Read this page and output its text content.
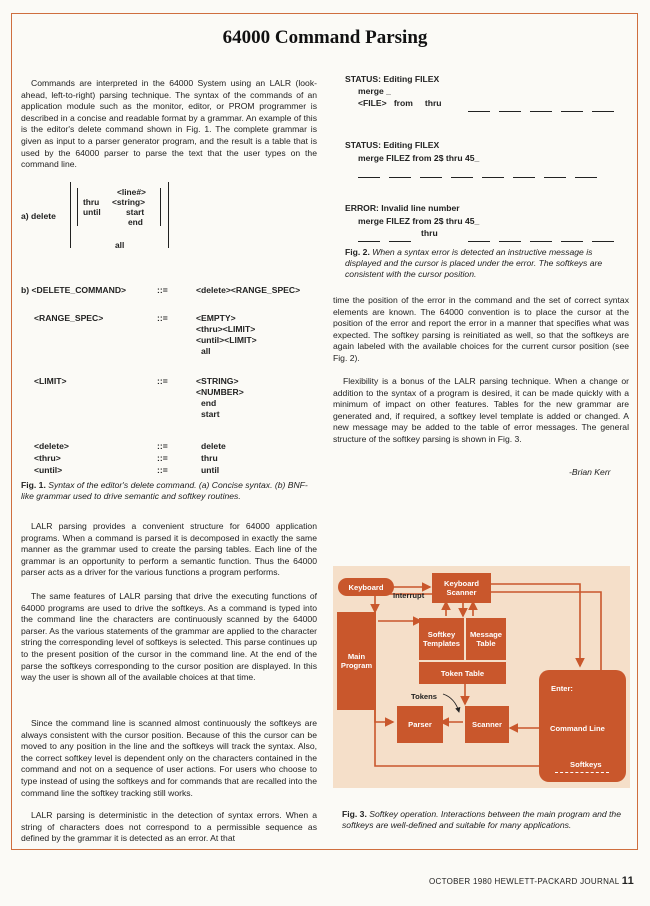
64000 Command Parsing

Commands are interpreted in the 64000 System using an LALR (look-ahead, left-to-right) parsing technique. The syntax of the commands of an application module such as the monitor, editor, or PROM programmer is described in a concise and readable format by a grammar. An example of this is the editor's delete command shown in Fig. 1. The complete grammar is given as input to a parser generator program, and the result is a table that is used by the 64000 parser to parse the text that the user types on the command line.

a) delete
thru
until
<line#>
<string>
start
end
all
b) <DELETE_COMMAND>	::=	<delete><RANGE_SPEC>
<RANGE_SPEC>	::=	<EMPTY>
<thru><LIMIT>
<until><LIMIT>
all
<LIMIT>	::=	<STRING>
<NUMBER>
end
start
<delete>	::=	delete
<thru>	::=	thru
<until>	::=	until
Fig. 1. Syntax of the editor's delete command. (a) Concise syntax. (b) BNF-like grammar used to drive semantic and softkey routines.

LALR parsing provides a convenient structure for 64000 application programs. When a command is parsed it is decomposed in exactly the same manner as the grammar used to create the parsing tables. Each line of the grammar is an opportunity to perform a semantic function. Thus the 64000 parser acts as a driver for the various functions a program performs.

The same features of LALR parsing that drive the executing functions of 64000 programs are used to drive the softkeys. As a command is typed into the command line the characters are continuously scanned by the 64000 parser. As the various statements of the grammar are applied to the character string the corresponding level of softkeys is selected. This parse continues up to the present position of the cursor in the command line. At the end of the parse the softkeys corresponding to the cursor position are displayed. In this way the user is shown all of the available choices at that time.

Since the command line is scanned almost continuously the softkeys are always consistent with the cursor position. Because of this the cursor can be moved to any position in the line and the softkeys will track the syntax. Also, the correct softkey level is dependent only on the characters contained in the command and not on a sequence of user actions. For users who choose to type instead of using the softkeys and for commands that are recalled into the command line the softkey tracking still works.

LALR parsing is deterministic in the detection of syntax errors. When a string of characters does not correspond to a permissible sequence as defined by the grammar it is detected as an error. At that

STATUS: Editing FILEX
merge _
<FILE>   from     thru
STATUS: Editing FILEX
merge FILEZ from 2$ thru 45_
ERROR: Invalid line number
merge FILEZ from 2$ thru 45_
thru
Fig. 2. When a syntax error is detected an instructive message is displayed and the cursor is placed under the error. The softkeys are consistent with the cursor position.

time the position of the error in the command and the set of correct syntax elements are known. The 64000 convention is to place the cursor at the position of the error and report the error in a manner that specifies what was expected. The softkey parsing is reinitiated as well, so that the softkeys are again labeled with the available choices for the current cursor position (see Fig. 2).

Flexibility is a bonus of the LALR parsing technique. When a change or addition to the syntax of a program is desired, it can be made quickly with a minimum of impact on other features. Tables for the new grammar are generated and, if required, a softkey level template is added or changed. A new message may be added to the table of error messages. The general structure of the softkey parsing is shown in Fig. 3.

-Brian Kerr
Keyboard
Interrupt
Keyboard Scanner
Softkey Templates
Message Table
Token Table
Main Program
Tokens
Parser	Scanner
Enter:
Command Line
Softkeys
Fig. 3. Softkey operation. Interactions between the main program and the softkeys are well-defined and suitable for many applications.
OCTOBER 1980 HEWLETT-PACKARD JOURNAL 11
